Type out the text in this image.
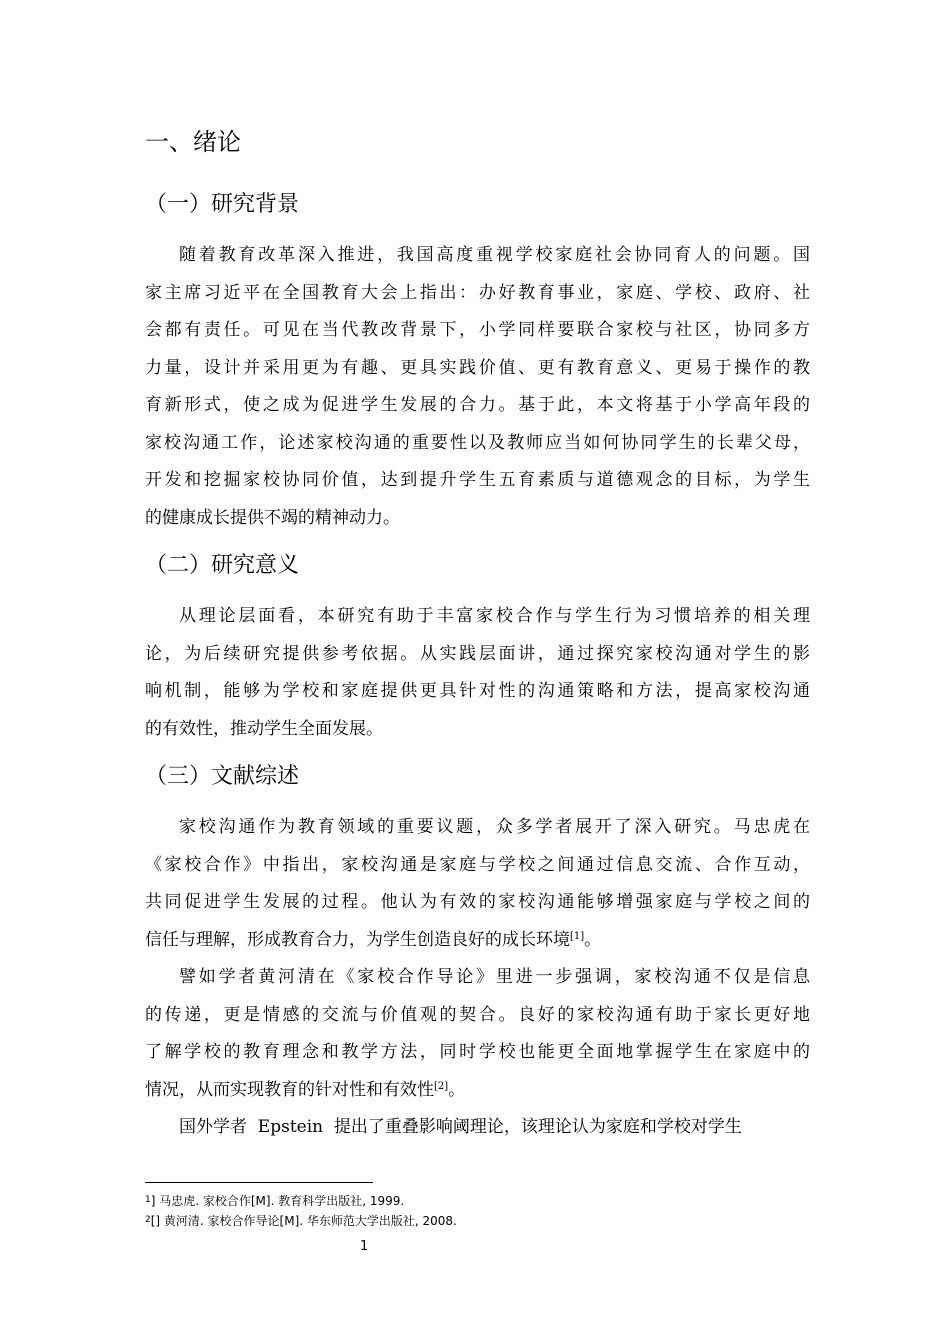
一、绪论
（一）研究背景
随着教育改革深入推进，我国高度重视学校家庭社会协同育人的问题。国
家主席习近平在全国教育大会上指出：办好教育事业，家庭、学校、政府、社
会都有责任。可见在当代教改背景下，小学同样要联合家校与社区，协同多方
力量，设计并采用更为有趣、更具实践价值、更有教育意义、更易于操作的教
育新形式，使之成为促进学生发展的合力。基于此，本文将基于小学高年段的
家校沟通工作，论述家校沟通的重要性以及教师应当如何协同学生的长辈父母，
开发和挖掘家校协同价值，达到提升学生五育素质与道德观念的目标，为学生
的健康成长提供不竭的精神动力。
（二）研究意义
从理论层面看，本研究有助于丰富家校合作与学生行为习惯培养的相关理
论，为后续研究提供参考依据。从实践层面讲，通过探究家校沟通对学生的影
响机制，能够为学校和家庭提供更具针对性的沟通策略和方法，提高家校沟通
的有效性，推动学生全面发展。
（三）文献综述
家校沟通作为教育领域的重要议题，众多学者展开了深入研究。马忠虎在
《家校合作》中指出，家校沟通是家庭与学校之间通过信息交流、合作互动，
共同促进学生发展的过程。他认为有效的家校沟通能够增强家庭与学校之间的
信任与理解，形成教育合力，为学生创造良好的成长环境[1]。
譬如学者黄河清在《家校合作导论》里进一步强调，家校沟通不仅是信息
的传递，更是情感的交流与价值观的契合。良好的家校沟通有助于家长更好地
了解学校的教育理念和教学方法，同时学校也能更全面地掌握学生在家庭中的
情况，从而实现教育的针对性和有效性[2]。
国外学者  Epstein  提出了重叠影响阈理论，该理论认为家庭和学校对学生
$^1$] 马忠虎. 家校合作[M]. 教育科学出版社, 1999.
$^2$[] 黄河清. 家校合作导论[M]. 华东师范大学出版社, 2008.
1
